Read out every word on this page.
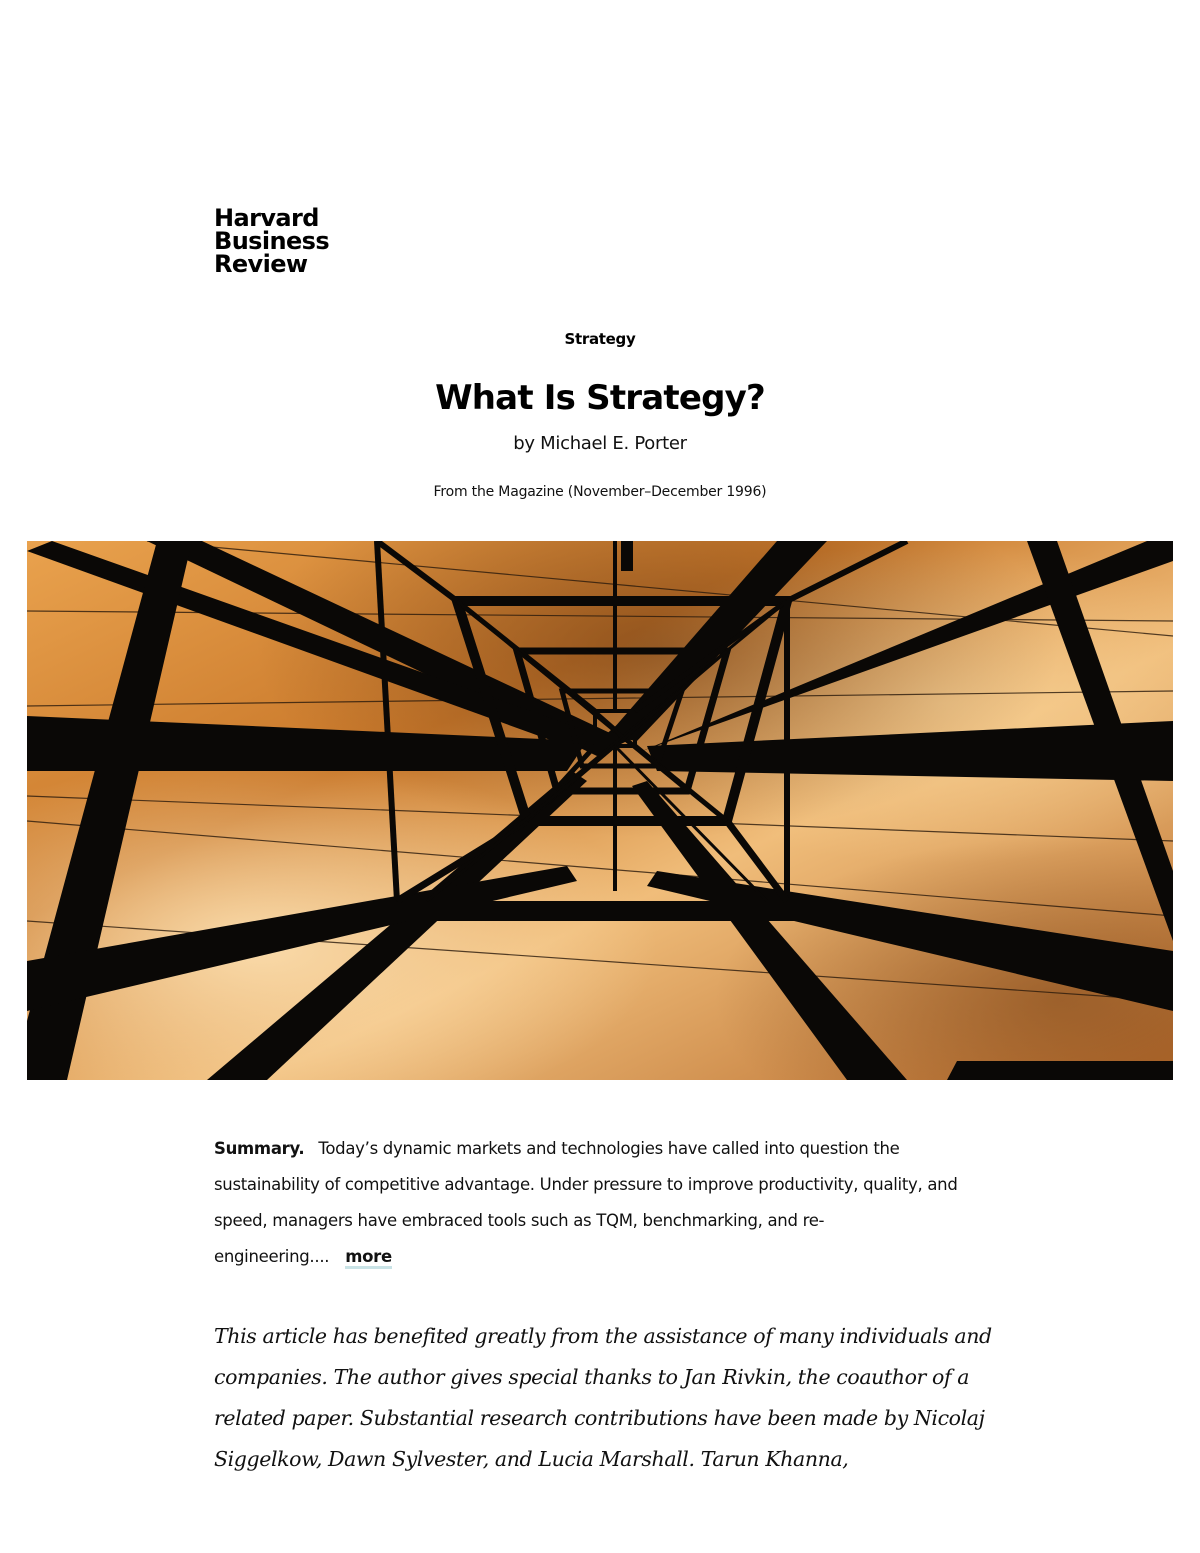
Harvard
Business
Review
Strategy
What Is Strategy?
by Michael E. Porter
From the Magazine (November–December 1996)
Summary. Today’s dynamic markets and technologies have called into question the sustainability of competitive advantage. Under pressure to improve productivity, quality, and speed, managers have embraced tools such as TQM, benchmarking, and re-engineering.... more
This article has benefited greatly from the assistance of many individuals and companies. The author gives special thanks to Jan Rivkin, the coauthor of a related paper. Substantial research contributions have been made by Nicolaj Siggelkow, Dawn Sylvester, and Lucia Marshall. Tarun Khanna,
